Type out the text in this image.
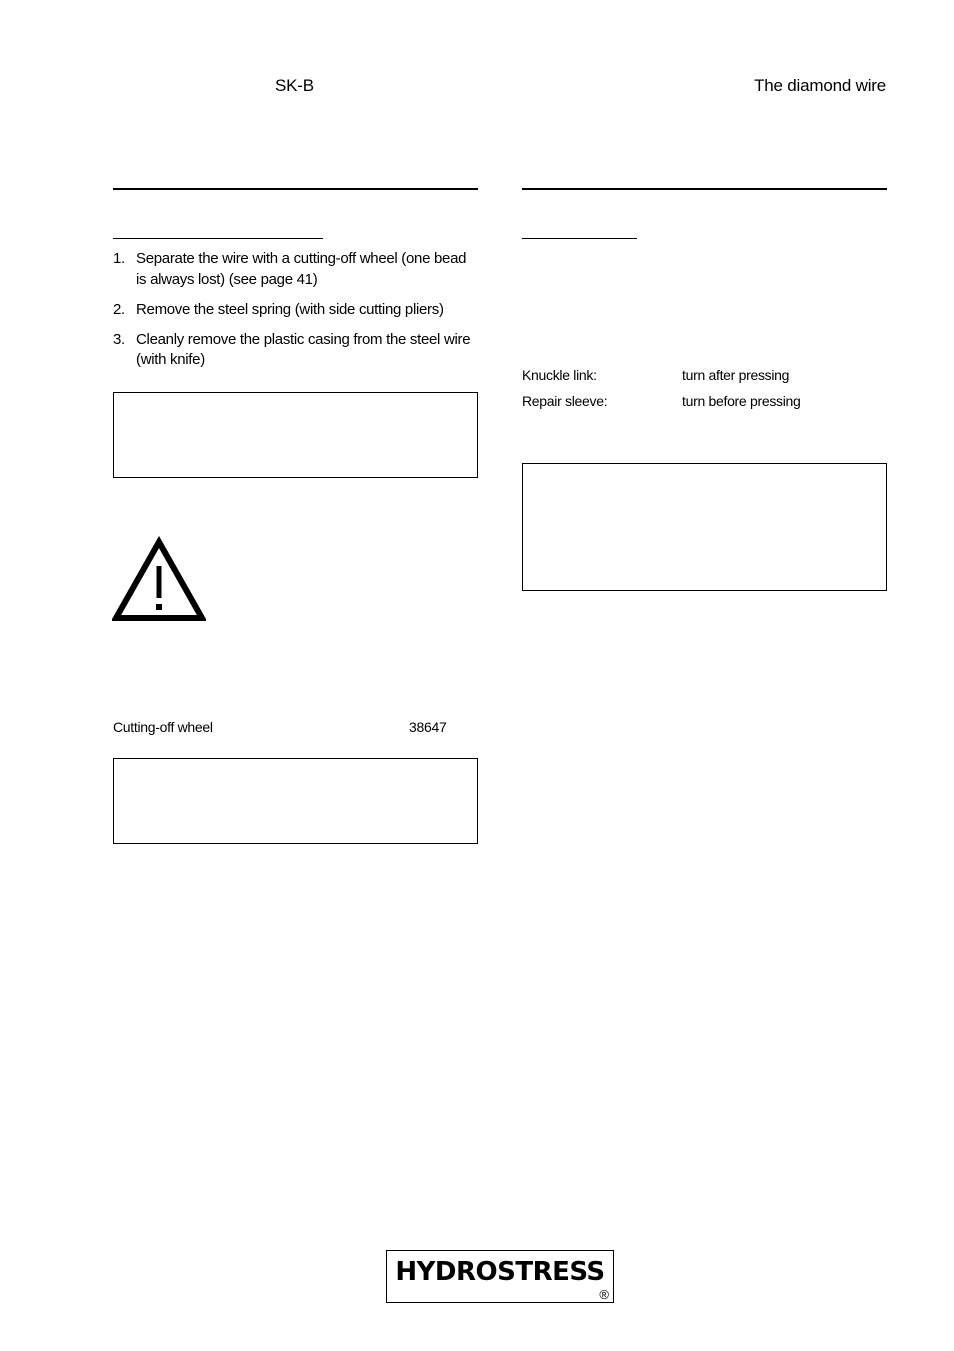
SK-B	The diamond wire
1. Separate the wire with a cutting-off wheel (one bead is always lost) (see page 41)
2. Remove the steel spring (with side cutting pliers)
3. Cleanly remove the plastic casing from the steel wire (with knife)
Cutting-off wheel	38647
Knuckle link:	turn after pressing
Repair sleeve:	turn before pressing
HYDROSTRESS
®
